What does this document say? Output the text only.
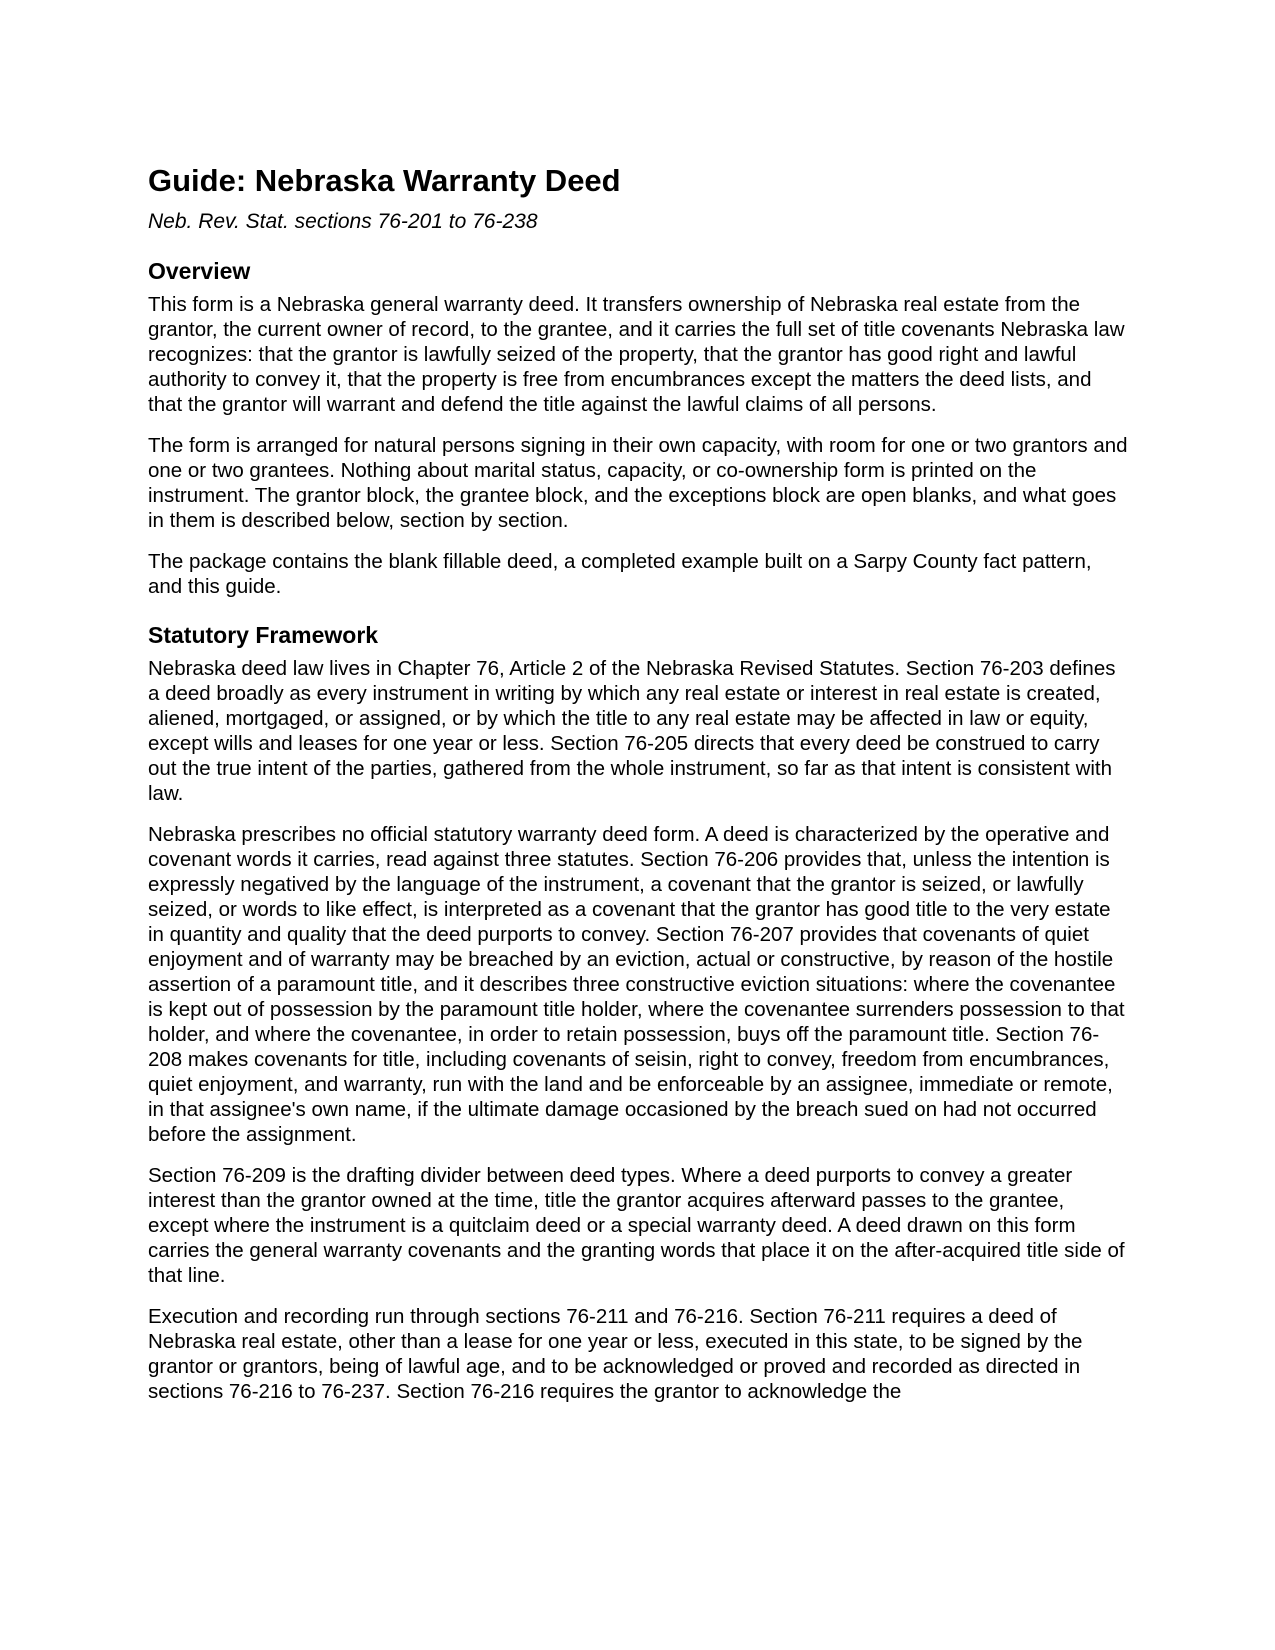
Guide: Nebraska Warranty Deed

Neb. Rev. Stat. sections 76-201 to 76-238

Overview

This form is a Nebraska general warranty deed. It transfers ownership of Nebraska real estate from the grantor, the current owner of record, to the grantee, and it carries the full set of title covenants Nebraska law recognizes: that the grantor is lawfully seized of the property, that the grantor has good right and lawful authority to convey it, that the property is free from encumbrances except the matters the deed lists, and that the grantor will warrant and defend the title against the lawful claims of all persons.

The form is arranged for natural persons signing in their own capacity, with room for one or two grantors and one or two grantees. Nothing about marital status, capacity, or co-ownership form is printed on the instrument. The grantor block, the grantee block, and the exceptions block are open blanks, and what goes in them is described below, section by section.

The package contains the blank fillable deed, a completed example built on a Sarpy County fact pattern, and this guide.

Statutory Framework

Nebraska deed law lives in Chapter 76, Article 2 of the Nebraska Revised Statutes. Section 76-203 defines a deed broadly as every instrument in writing by which any real estate or interest in real estate is created, aliened, mortgaged, or assigned, or by which the title to any real estate may be affected in law or equity, except wills and leases for one year or less. Section 76-205 directs that every deed be construed to carry out the true intent of the parties, gathered from the whole instrument, so far as that intent is consistent with law.

Nebraska prescribes no official statutory warranty deed form. A deed is characterized by the operative and covenant words it carries, read against three statutes. Section 76-206 provides that, unless the intention is expressly negatived by the language of the instrument, a covenant that the grantor is seized, or lawfully seized, or words to like effect, is interpreted as a covenant that the grantor has good title to the very estate in quantity and quality that the deed purports to convey. Section 76-207 provides that covenants of quiet enjoyment and of warranty may be breached by an eviction, actual or constructive, by reason of the hostile assertion of a paramount title, and it describes three constructive eviction situations: where the covenantee is kept out of possession by the paramount title holder, where the covenantee surrenders possession to that holder, and where the covenantee, in order to retain possession, buys off the paramount title. Section 76-208 makes covenants for title, including covenants of seisin, right to convey, freedom from encumbrances, quiet enjoyment, and warranty, run with the land and be enforceable by an assignee, immediate or remote, in that assignee's own name, if the ultimate damage occasioned by the breach sued on had not occurred before the assignment.

Section 76-209 is the drafting divider between deed types. Where a deed purports to convey a greater interest than the grantor owned at the time, title the grantor acquires afterward passes to the grantee, except where the instrument is a quitclaim deed or a special warranty deed. A deed drawn on this form carries the general warranty covenants and the granting words that place it on the after-acquired title side of that line.

Execution and recording run through sections 76-211 and 76-216. Section 76-211 requires a deed of Nebraska real estate, other than a lease for one year or less, executed in this state, to be signed by the grantor or grantors, being of lawful age, and to be acknowledged or proved and recorded as directed in sections 76-216 to 76-237. Section 76-216 requires the grantor to acknowledge the
